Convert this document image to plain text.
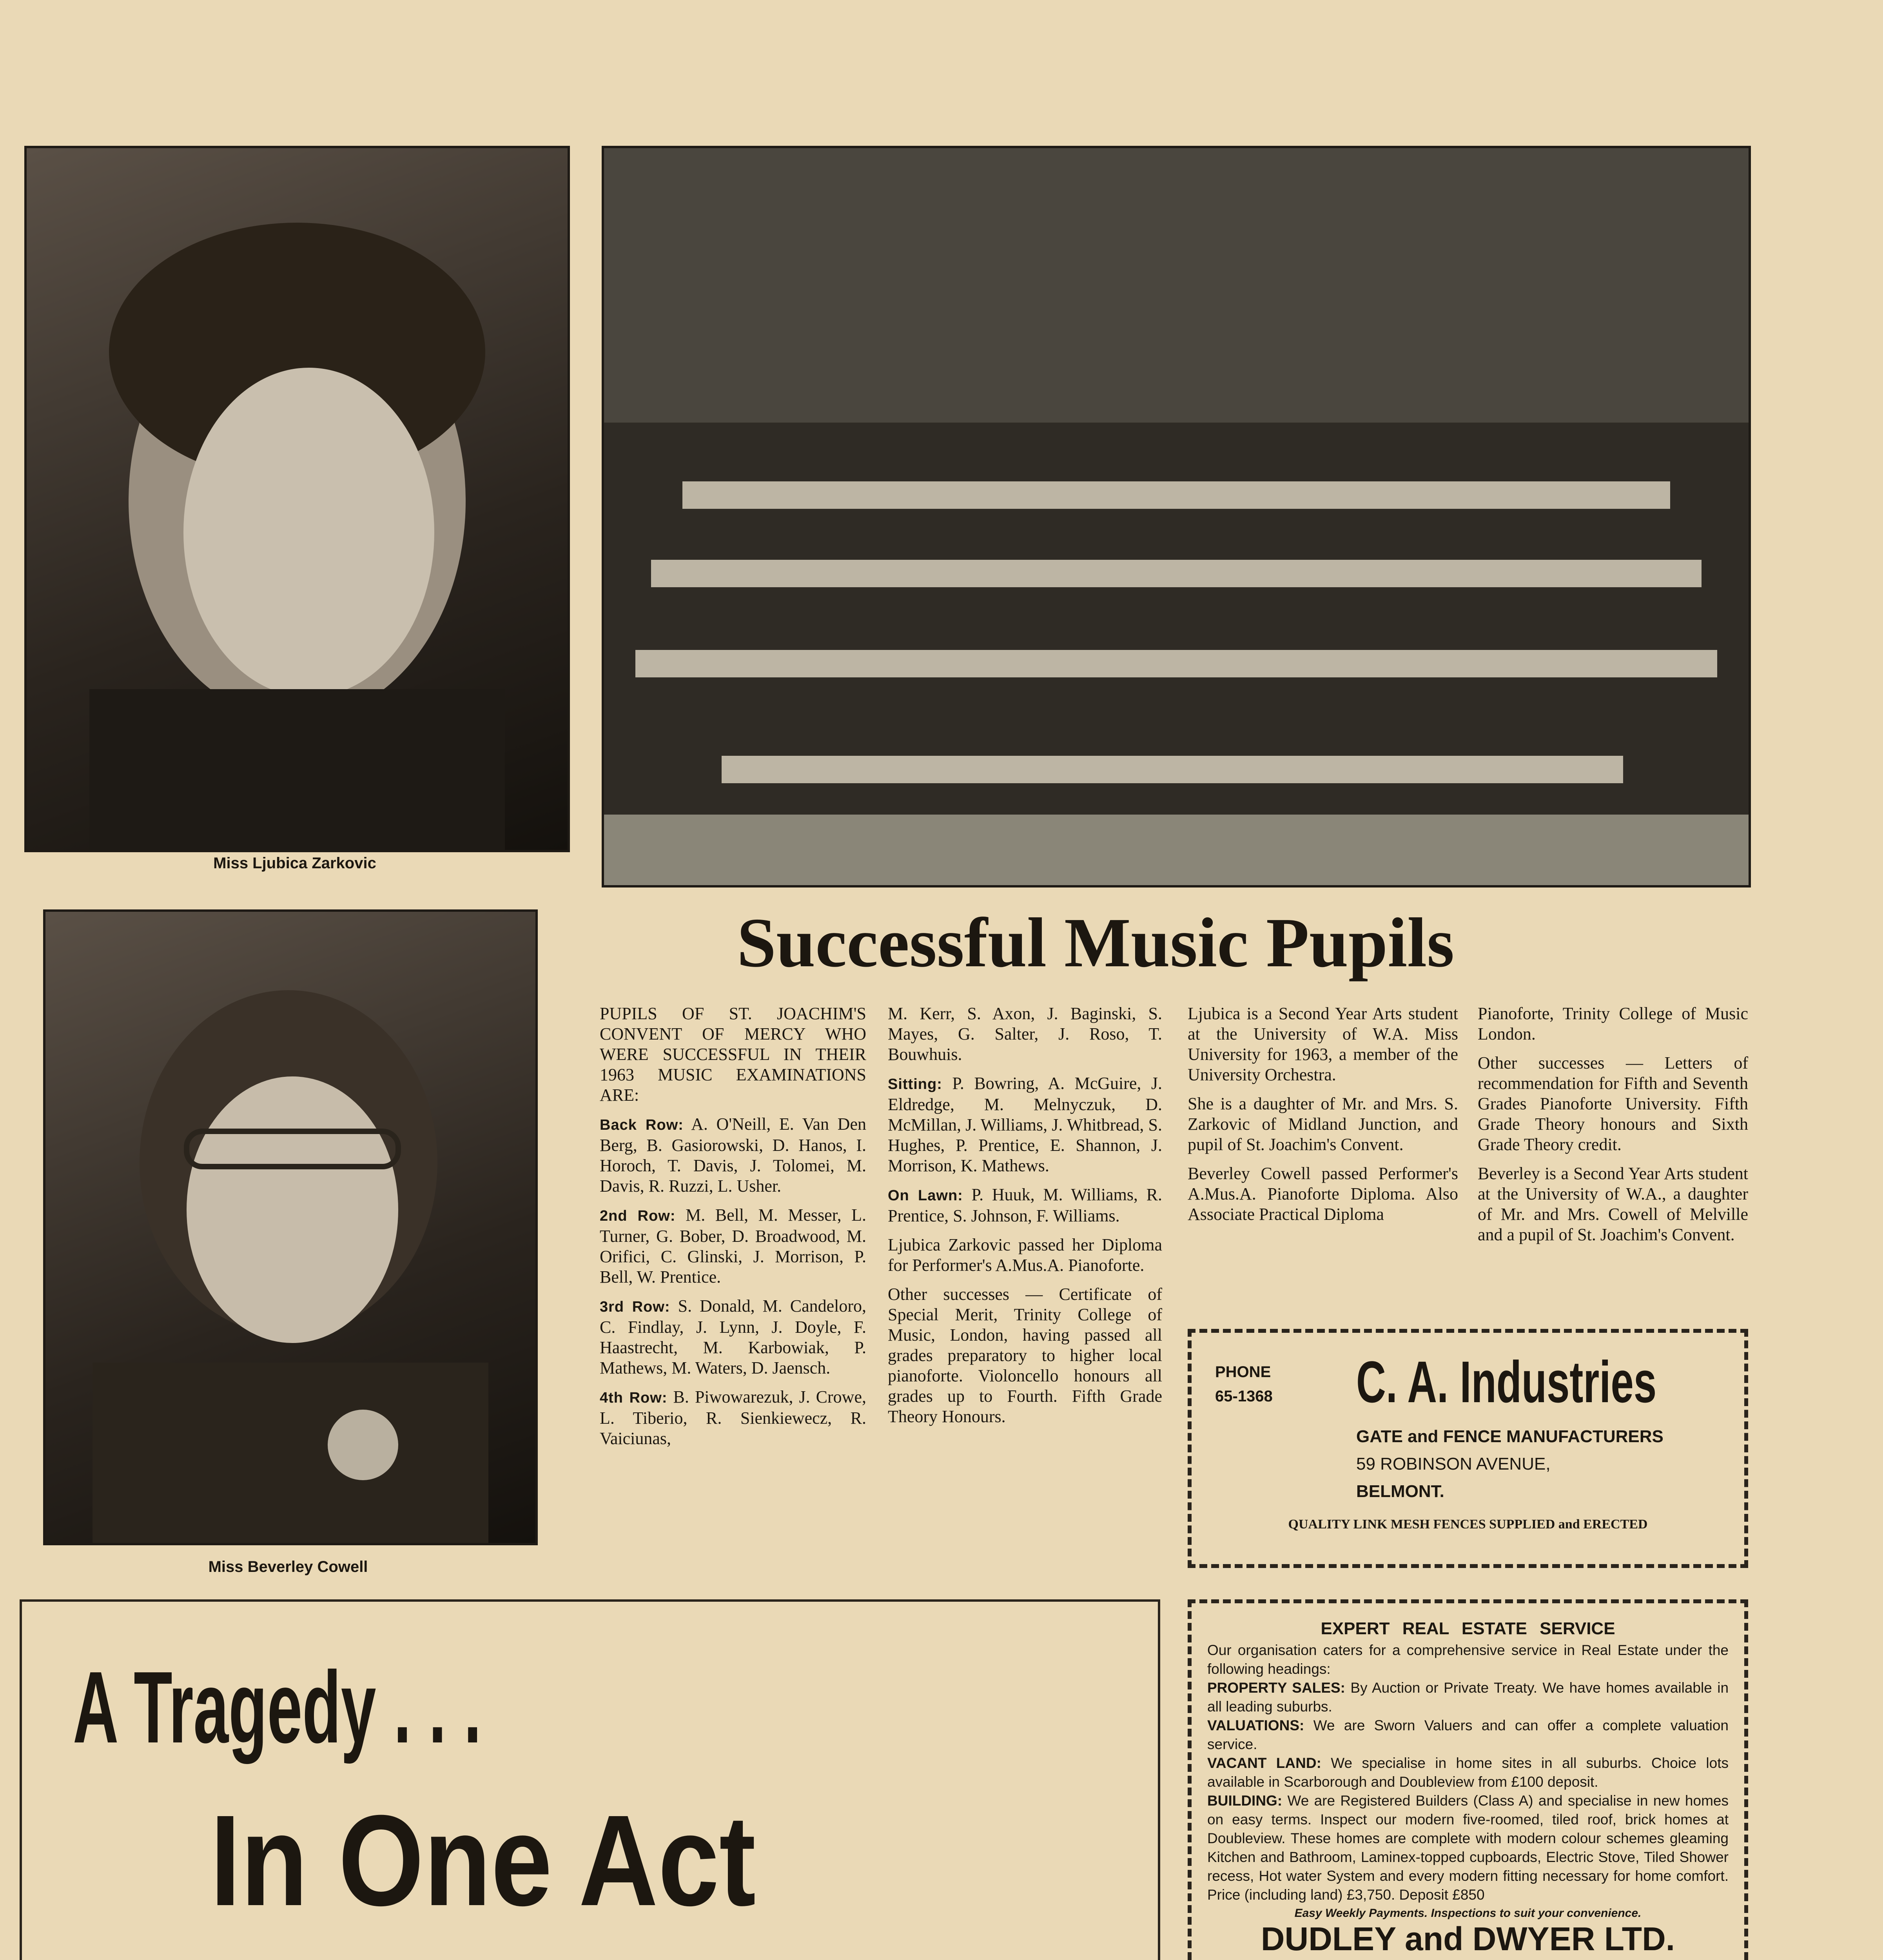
Miss Ljubica Zarkovic
Miss Beverley Cowell
Successful Music Pupils

PUPILS OF ST. JOACHIM'S CONVENT OF MERCY WHO WERE SUCCESSFUL IN THEIR 1963 MUSIC EXAMINATIONS ARE:

Back Row: A. O'Neill, E. Van Den Berg, B. Gasiorowski, D. Hanos, I. Horoch, T. Davis, J. Tolomei, M. Davis, R. Ruzzi, L. Usher.

2nd Row: M. Bell, M. Messer, L. Turner, G. Bober, D. Broadwood, M. Orifici, C. Glinski, J. Morrison, P. Bell, W. Prentice.

3rd Row: S. Donald, M. Candeloro, C. Findlay, J. Lynn, J. Doyle, F. Haastrecht, M. Karbowiak, P. Mathews, M. Waters, D. Jaensch.

4th Row: B. Piwowarezuk, J. Crowe, L. Tiberio, R. Sienkiewecz, R. Vaiciunas,

M. Kerr, S. Axon, J. Baginski, S. Mayes, G. Salter, J. Roso, T. Bouwhuis.

Sitting: P. Bowring, A. McGuire, J. Eldredge, M. Melnyczuk, D. McMillan, J. Williams, J. Whitbread, S. Hughes, P. Prentice, E. Shannon, J. Morrison, K. Mathews.

On Lawn: P. Huuk, M. Williams, R. Prentice, S. Johnson, F. Williams.

Ljubica Zarkovic passed her Diploma for Performer's A.Mus.A. Pianoforte.

Other successes — Certificate of Special Merit, Trinity College of Music, London, having passed all grades preparatory to higher local pianoforte. Violoncello honours all grades up to Fourth. Fifth Grade Theory Honours.

Ljubica is a Second Year Arts student at the University of W.A. Miss University for 1963, a member of the University Orchestra.

She is a daughter of Mr. and Mrs. S. Zarkovic of Midland Junction, and pupil of St. Joachim's Convent.

Beverley Cowell passed Performer's A.Mus.A. Pianoforte Diploma. Also Associate Practical Diploma

Pianoforte, Trinity College of Music London.

Other successes — Letters of recommendation for Fifth and Seventh Grades Pianoforte University. Fifth Grade Theory honours and Sixth Grade Theory credit.

Beverley is a Second Year Arts student at the University of W.A., a daughter of Mr. and Mrs. Cowell of Melville and a pupil of St. Joachim's Convent.

PHONE
65-1368 C. A. Industries
GATE and FENCE MANUFACTURERS
59 ROBINSON AVENUE,
BELMONT.
QUALITY LINK MESH FENCES SUPPLIED and ERECTED
EXPERT REAL ESTATE SERVICE
Our organisation caters for a comprehensive service in Real Estate under the following headings:
PROPERTY SALES: By Auction or Private Treaty. We have homes available in all leading suburbs.
VALUATIONS: We are Sworn Valuers and can offer a complete valuation service.
VACANT LAND: We specialise in home sites in all suburbs. Choice lots available in Scarborough and Doubleview from £100 deposit.
BUILDING: We are Registered Builders (Class A) and specialise in new homes on easy terms. Inspect our modern five-roomed, tiled roof, brick homes at Doubleview. These homes are complete with modern colour schemes gleaming Kitchen and Bathroom, Laminex-topped cupboards, Electric Stove, Tiled Shower recess, Hot water System and every modern fitting necessary for home comfort. Price (including land) £3,750. Deposit £850
Easy Weekly Payments. Inspections to suit your convenience.
DUDLEY and DWYER LTD.
A Tragedy . . .
In One Act
